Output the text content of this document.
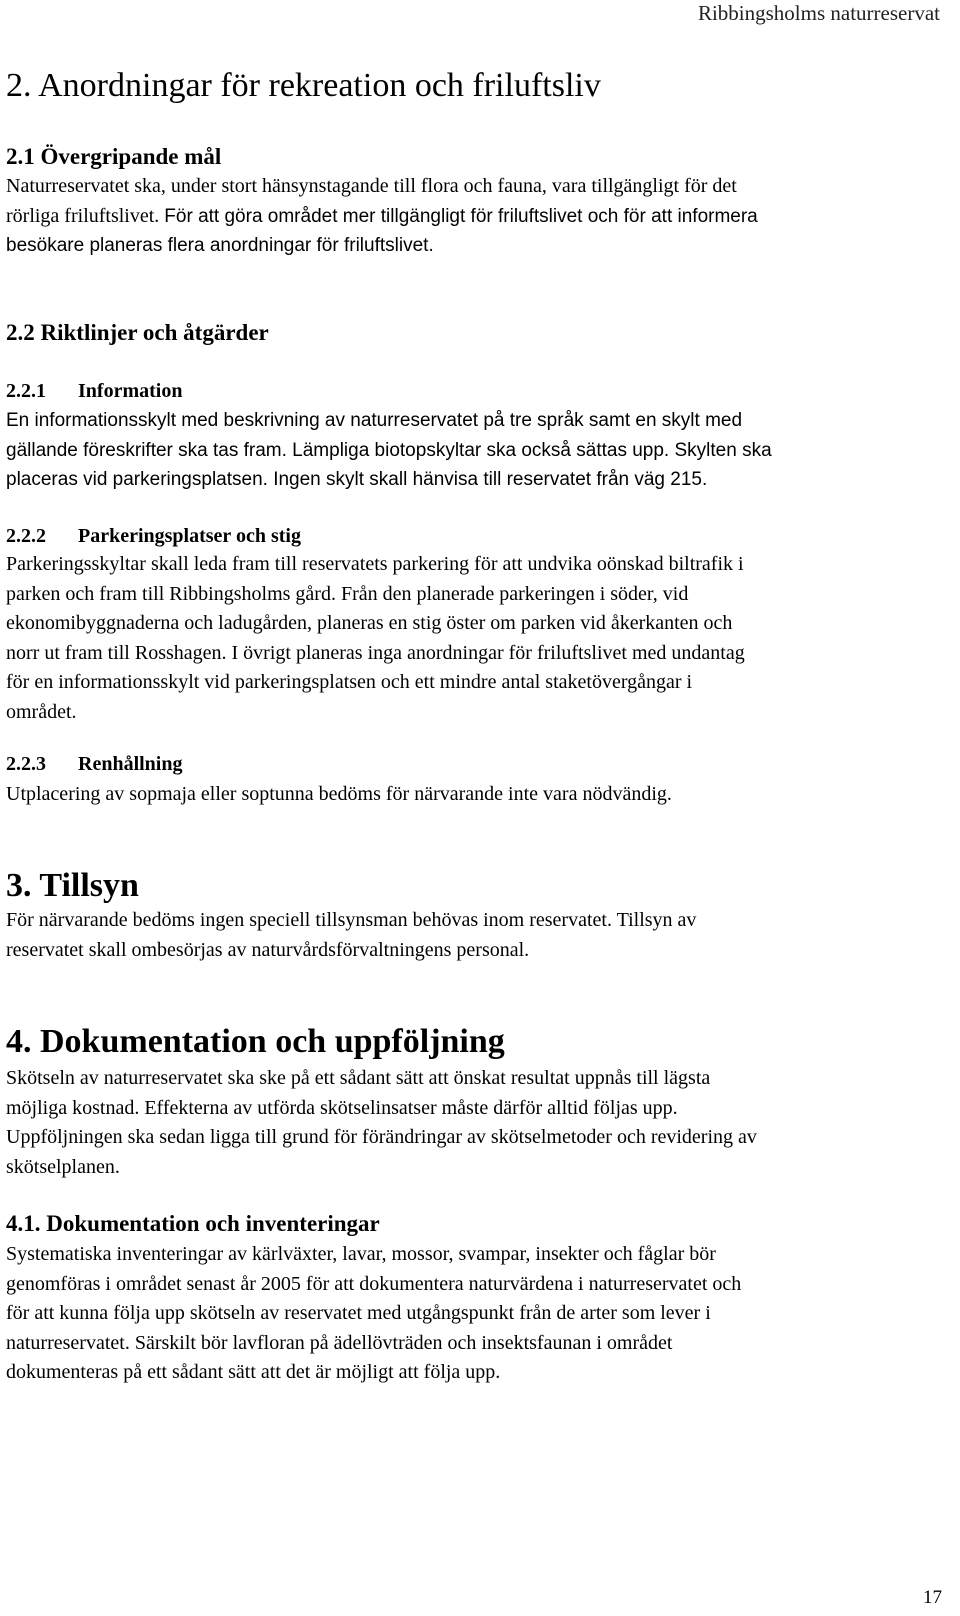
Ribbingsholms naturreservat
2. Anordningar för rekreation och friluftsliv
2.1 Övergripande mål
Naturreservatet ska, under stort hänsynstagande till flora och fauna, vara tillgängligt för det
rörliga friluftslivet. För att göra området mer tillgängligt för friluftslivet och för att informera
besökare planeras flera anordningar för friluftslivet.
2.2 Riktlinjer och åtgärder
2.2.1 Information
En informationsskylt med beskrivning av naturreservatet på tre språk samt en skylt med
gällande föreskrifter ska tas fram. Lämpliga biotopskyltar ska också sättas upp. Skylten ska
placeras vid parkeringsplatsen. Ingen skylt skall hänvisa till reservatet från väg 215.
2.2.2 Parkeringsplatser och stig
Parkeringsskyltar skall leda fram till reservatets parkering för att undvika oönskad biltrafik i
parken och fram till Ribbingsholms gård. Från den planerade parkeringen i söder, vid
ekonomibyggnaderna och ladugården, planeras en stig öster om parken vid åkerkanten och
norr ut fram till Rosshagen. I övrigt planeras inga anordningar för friluftslivet med undantag
för en informationsskylt vid parkeringsplatsen och ett mindre antal staketövergångar i
området.
2.2.3 Renhållning
Utplacering av sopmaja eller soptunna bedöms för närvarande inte vara nödvändig.
3. Tillsyn
För närvarande bedöms ingen speciell tillsynsman behövas inom reservatet. Tillsyn av
reservatet skall ombesörjas av naturvårdsförvaltningens personal.
4. Dokumentation och uppföljning
Skötseln av naturreservatet ska ske på ett sådant sätt att önskat resultat uppnås till lägsta
möjliga kostnad. Effekterna av utförda skötselinsatser måste därför alltid följas upp.
Uppföljningen ska sedan ligga till grund för förändringar av skötselmetoder och revidering av
skötselplanen.
4.1. Dokumentation och inventeringar
Systematiska inventeringar av kärlväxter, lavar, mossor, svampar, insekter och fåglar bör
genomföras i området senast år 2005 för att dokumentera naturvärdena i naturreservatet och
för att kunna följa upp skötseln av reservatet med utgångspunkt från de arter som lever i
naturreservatet. Särskilt bör lavfloran på ädellövträden och insektsfaunan i området
dokumenteras på ett sådant sätt att det är möjligt att följa upp.
17
